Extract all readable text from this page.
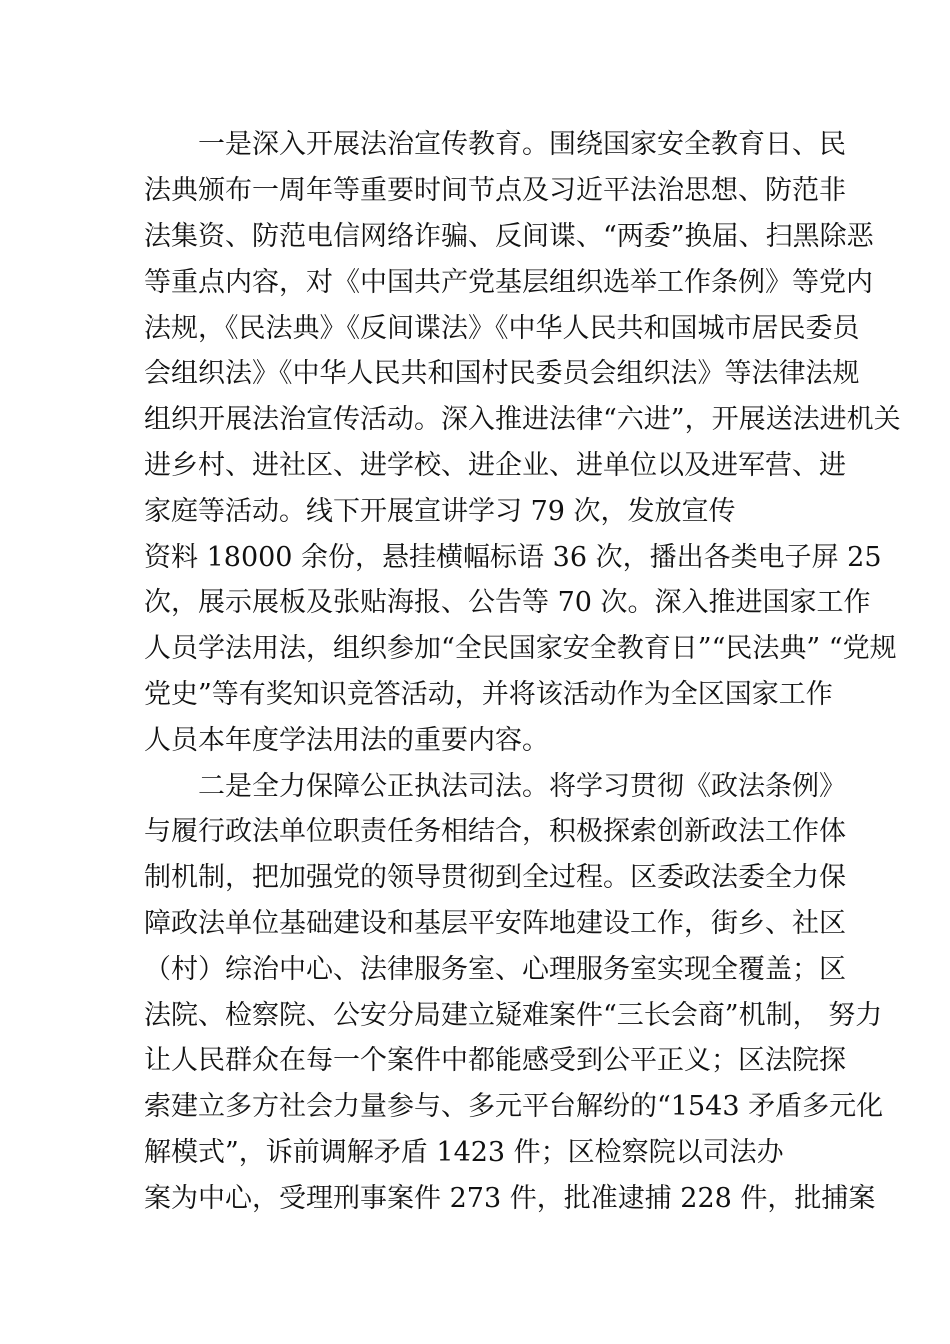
　　一是深入开展法治宣传教育。围绕国家安全教育日、民
法典颁布一周年等重要时间节点及习近平法治思想、防范非
法集资、防范电信网络诈骗、反间谍、“两委”换届、扫黑除恶
等重点内容，对《中国共产党基层组织选举工作条例》等党内
法规，《民法典》《反间谍法》《中华人民共和国城市居民委员
会组织法》《中华人民共和国村民委员会组织法》等法律法规
组织开展法治宣传活动。深入推进法律“六进”，开展送法进机关
进乡村、进社区、进学校、进企业、进单位以及进军营、进
家庭等活动。线下开展宣讲学习 79 次，发放宣传
资料 18000 余份，悬挂横幅标语 36 次，播出各类电子屏 25
次，展示展板及张贴海报、公告等 70 次。深入推进国家工作
人员学法用法，组织参加“全民国家安全教育日”“民法典” “党规
党史”等有奖知识竞答活动，并将该活动作为全区国家工作
人员本年度学法用法的重要内容。
　　二是全力保障公正执法司法。将学习贯彻《政法条例》
与履行政法单位职责任务相结合，积极探索创新政法工作体
制机制，把加强党的领导贯彻到全过程。区委政法委全力保
障政法单位基础建设和基层平安阵地建设工作，街乡、社区
（村）综治中心、法律服务室、心理服务室实现全覆盖；区
法院、检察院、公安分局建立疑难案件“三长会商”机制， 努力
让人民群众在每一个案件中都能感受到公平正义；区法院探
索建立多方社会力量参与、多元平台解纷的“1543 矛盾多元化
解模式”，诉前调解矛盾 1423 件；区检察院以司法办
案为中心，受理刑事案件 273 件，批准逮捕 228 件，批捕案
